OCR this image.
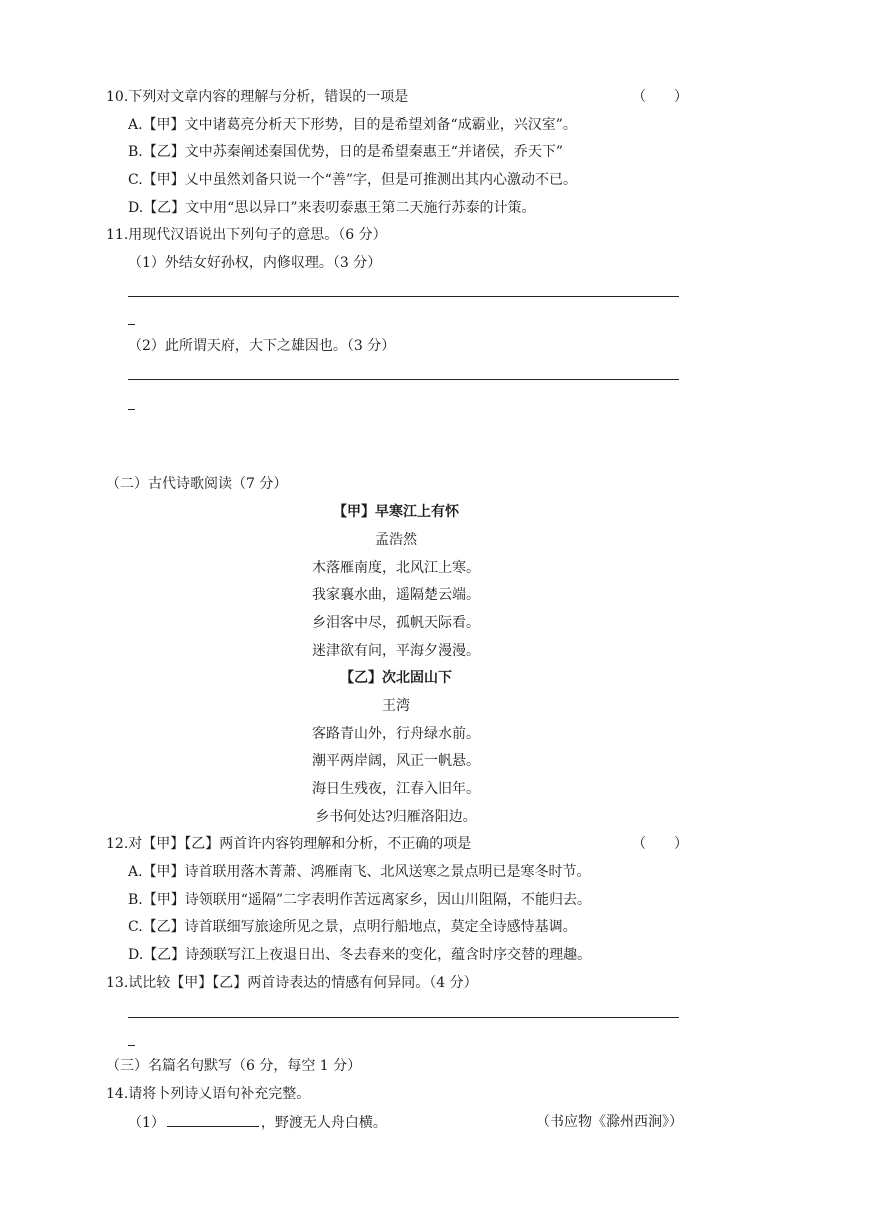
10.下列对文章内容的理解与分析，错误的一项是	（　　）
A.【甲】文中诸葛亮分析天下形势，目的是希望刘备“成霸业，兴汉室”。
B.【乙】文中苏秦阐述秦国优势，日的是希望秦惠王“并诸侯，乔天下”
C.【甲】乂中虽然刘备只说一个“善”字，但是可推测出其内心激动不已。
D.【乙】文中用“思以异口”来表叨泰惠王第二天施行苏泰的计策。
11.用现代汉语说出下列句子的意思。（6 分）
（1）外结女好孙权，内修収理。（3 分）
（2）此所谓天府，大下之雄因也。（3 分）
（二）古代诗歌阅读（7 分）
【甲】早寒江上有怀
孟浩然
木落雁南度，北风江上寒。
我家襄水曲，遥隔楚云端。
乡泪客中尽，孤帆天际看。
迷津欲有问，平海夕漫漫。
【乙】次北固山下
王湾
客路青山外，行舟绿水前。
潮平两岸阔，风正一帆悬。
海日生残夜，江春入旧年。
乡书何处达?归雁洛阳边。
12.对【甲】【乙】两首许内容钧理解和分析，不正确的项是	（　　）
A.【甲】诗首联用落木菁萧、鸿雁南飞、北风送寒之景点明已是寒冬时节。
B.【甲】诗领联用“遥隔”二字表明作苦远离家乡，因山川阻隔，不能归去。
C.【乙】诗首联细写旅途所见之景，点明行船地点，莫定全诗感恃基调。
D.【乙】诗颈联写江上夜退日出、冬去春来的变化，蕴含时序交替的理趣。
13.试比较【甲】【乙】两首诗表达的情感有何异同。（4 分）
（三）名篇名句默写（6 分，每空 1 分）
14.请将卜列诗乂语句补充完整。
（1）	，野渡无人舟白横。	（书应物《滁州西涧》）
